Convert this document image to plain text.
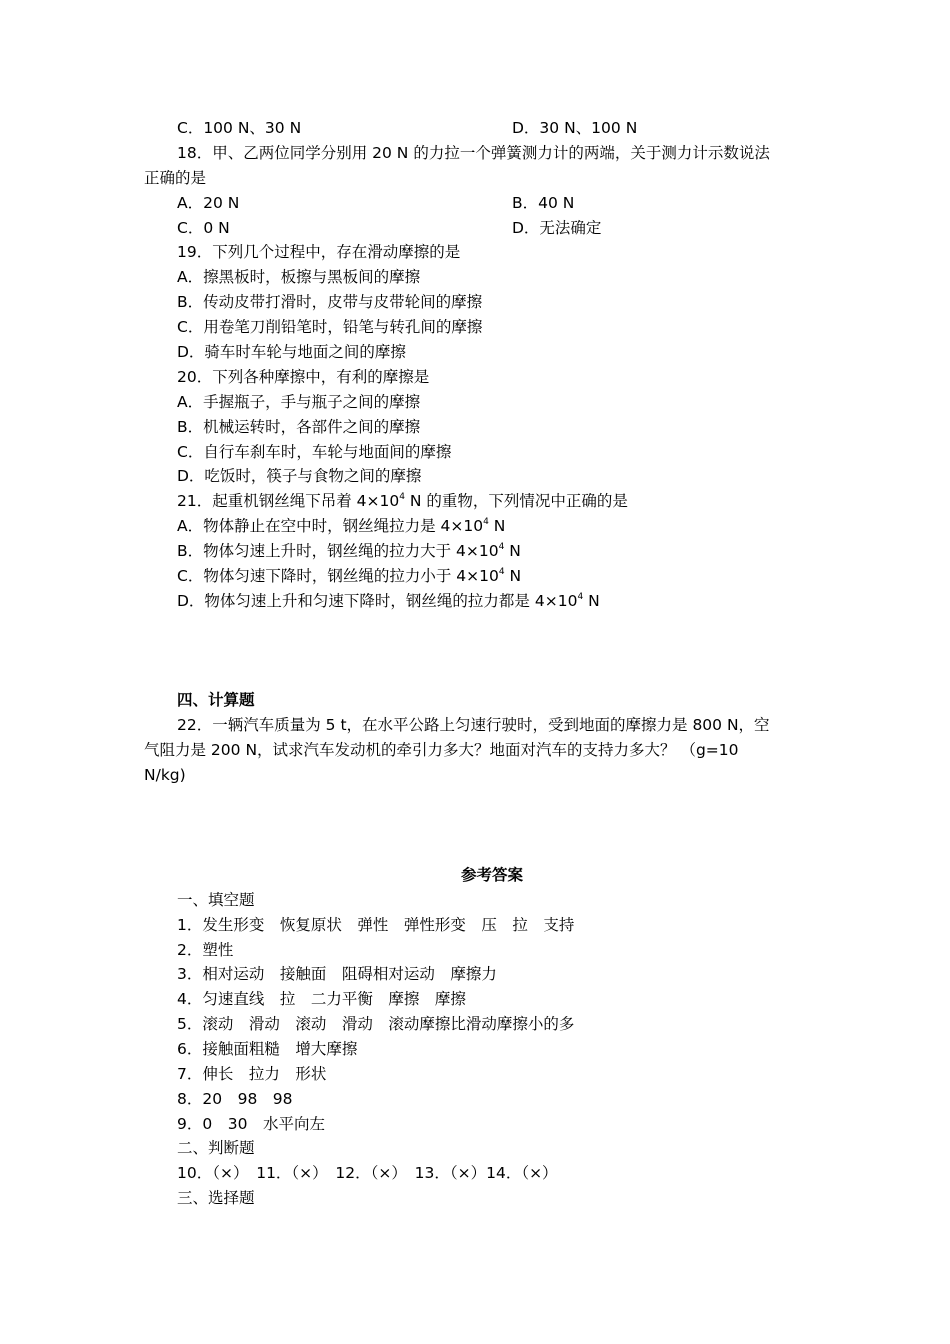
C．100 N、30 N	D．30 N、100 N
18．甲、乙两位同学分别用 20 N 的力拉一个弹簧测力计的两端，关于测力计示数说法
正确的是
A．20 N	B．40 N
C．0 N	D．无法确定
19．下列几个过程中，存在滑动摩擦的是
A．擦黑板时，板擦与黑板间的摩擦
B．传动皮带打滑时，皮带与皮带轮间的摩擦
C．用卷笔刀削铅笔时，铅笔与转孔间的摩擦
D．骑车时车轮与地面之间的摩擦
20．下列各种摩擦中，有利的摩擦是
A．手握瓶子，手与瓶子之间的摩擦
B．机械运转时，各部件之间的摩擦
C．自行车刹车时，车轮与地面间的摩擦
D．吃饭时，筷子与食物之间的摩擦
21．起重机钢丝绳下吊着 $4\times 10^4$ N 的重物，下列情况中正确的是
A．物体静止在空中时，钢丝绳拉力是 $4\times 10^4$ N
B．物体匀速上升时，钢丝绳的拉力大于 $4\times 10^4$ N
C．物体匀速下降时，钢丝绳的拉力小于 $4\times 10^4$ N
D．物体匀速上升和匀速下降时，钢丝绳的拉力都是 $4\times 10^4$ N
四、计算题
22．一辆汽车质量为 5 t，在水平公路上匀速行驶时，受到地面的摩擦力是 800 N，空
气阻力是 200 N，试求汽车发动机的牵引力多大？地面对汽车的支持力多大？ （g=10
N/kg)
参考答案
一、填空题
1．发生形变　恢复原状　弹性　弹性形变　压　拉　支持
2．塑性
3．相对运动　接触面　阻碍相对运动　摩擦力
4．匀速直线　拉　二力平衡　摩擦　摩擦
5．滚动　滑动　滚动　滑动　滚动摩擦比滑动摩擦小的多
6．接触面粗糙　增大摩擦
7．伸长　拉力　形状
8．20　98　98
9．0　30　水平向左
二、判断题
10．（×）　11．（×）　12．（×）　13．（×）14．（×）
三、选择题
